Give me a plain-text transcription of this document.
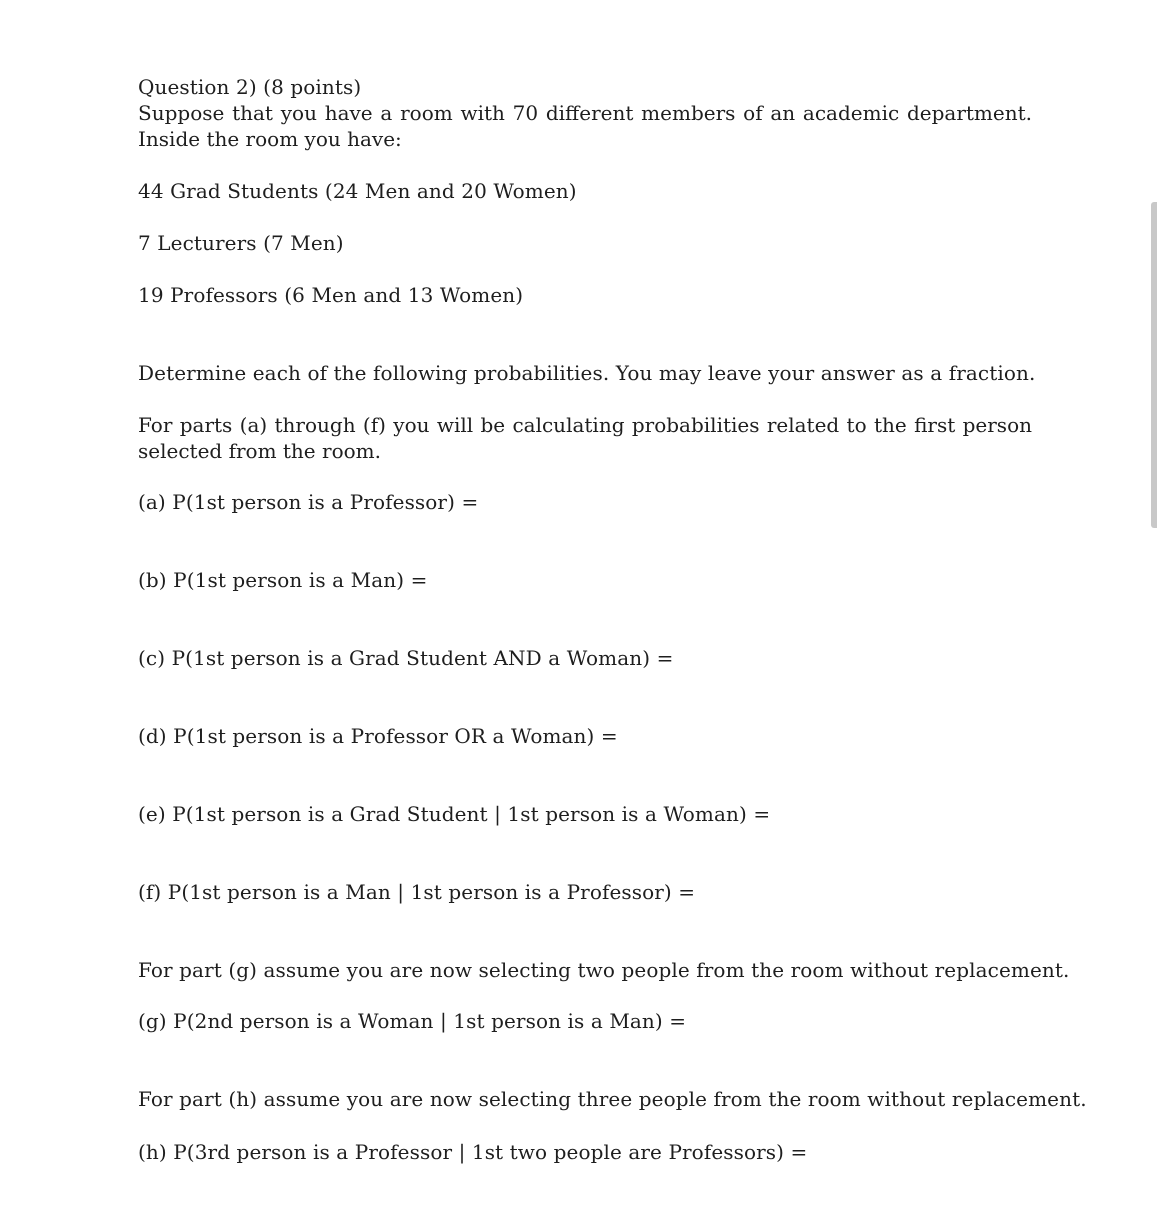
Question 2) (8 points)
Suppose that you have a room with 70 different members of an academic department. Inside the room you have:
44 Grad Students (24 Men and 20 Women)
7 Lecturers (7 Men)
19 Professors (6 Men and 13 Women)
Determine each of the following probabilities. You may leave your answer as a fraction.
For parts (a) through (f) you will be calculating probabilities related to the first person selected from the room.
(a) P(1st person is a Professor) =
(b) P(1st person is a Man) =
(c) P(1st person is a Grad Student AND a Woman) =
(d) P(1st person is a Professor OR a Woman) =
(e) P(1st person is a Grad Student | 1st person is a Woman) =
(f) P(1st person is a Man | 1st person is a Professor) =
For part (g) assume you are now selecting two people from the room without replacement.
(g) P(2nd person is a Woman | 1st person is a Man) =
For part (h) assume you are now selecting three people from the room without replacement.
(h) P(3rd person is a Professor | 1st two people are Professors) =
